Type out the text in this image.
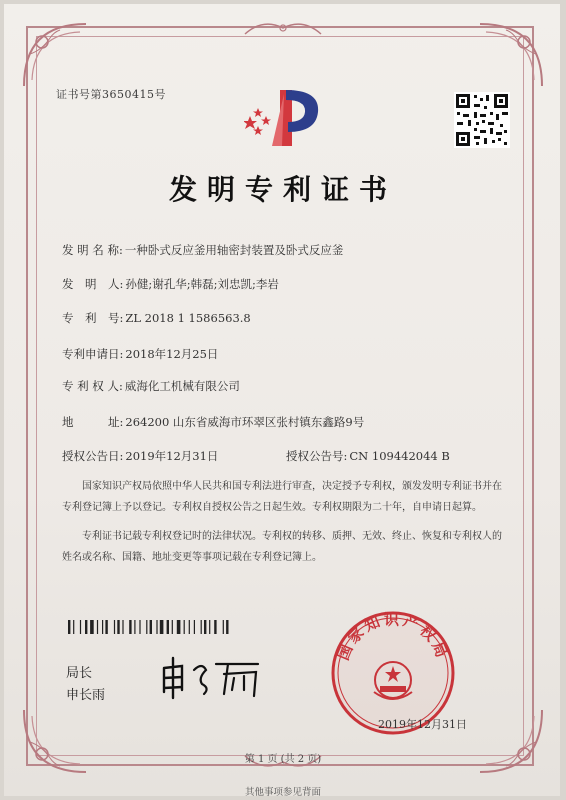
证书号第3650415号
发明专利证书
发 明 名 称: 一种卧式反应釜用轴密封装置及卧式反应釜
发　明　人: 孙健;谢孔华;韩磊;刘忠凯;李岩
专　利　号: ZL 2018 1 1586563.8
专利申请日: 2018年12月25日
专 利 权 人: 威海化工机械有限公司
地　　　址: 264200 山东省威海市环翠区张村镇东鑫路9号
授权公告日: 2019年12月31日	授权公告号: CN 109442044 B
国家知识产权局依照中华人民共和国专利法进行审查，决定授予专利权，颁发发明专利证书并在专利登记簿上予以登记。专利权自授权公告之日起生效。专利权期限为二十年，自申请日起算。
专利证书记载专利权登记时的法律状况。专利权的转移、质押、无效、终止、恢复和专利权人的姓名或名称、国籍、地址变更等事项记载在专利登记簿上。
局长
申长雨
国家知识产权局
2019年12月31日
第 1 页 (共 2 页)
其他事项参见背面
